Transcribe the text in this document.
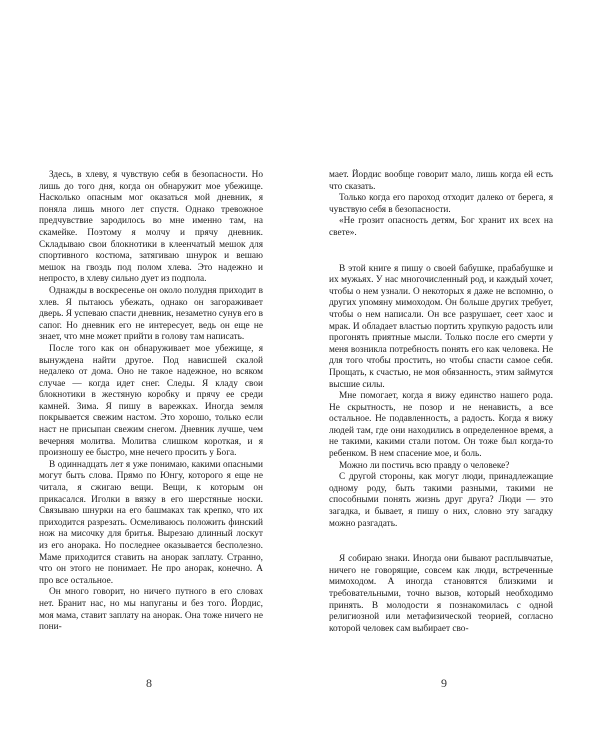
Здесь, в хлеву, я чувствую себя в безопасности. Но лишь до того дня, когда он обнаружит мое убежище. Насколько опасным мог оказаться мой дневник, я поняла лишь много лет спустя. Однако тревожное предчувствие зародилось во мне именно там, на скамейке. Поэтому я молчу и прячу дневник. Складываю свои блокнотики в клеенчатый мешок для спортивного костюма, затягиваю шнурок и вешаю мешок на гвоздь под полом хлева. Это надежно и непросто, в хлеву сильно дует из подпола.

Однажды в воскресенье он около полудня приходит в хлев. Я пытаюсь убежать, однако он загораживает дверь. Я успеваю спасти дневник, незаметно сунув его в сапог. Но дневник его не интересует, ведь он еще не знает, что мне может прийти в голову там написать.

После того как он обнаруживает мое убежище, я вынуждена найти другое. Под нависшей скалой недалеко от дома. Оно не такое надежное, но всяком случае — когда идет снег. Следы. Я кладу свои блокнотики в жестяную коробку и прячу ее среди камней. Зима. Я пишу в варежках. Иногда земля покрывается свежим настом. Это хорошо, только если наст не присыпан свежим снегом. Дневник лучше, чем вечерняя молитва. Молитва слишком короткая, и я произношу ее быстро, мне нечего просить у Бога.

В одиннадцать лет я уже понимаю, какими опасными могут быть слова. Прямо по Юнгу, которого я еще не читала, я сжигаю вещи. Вещи, к которым он прикасался. Иголки в вязку в его шерстяные носки. Связываю шнурки на его башмаках так крепко, что их приходится разрезать. Осмеливаюсь положить финский нож на мисочку для бритья. Вырезаю длинный лоскут из его анорака. Но последнее оказывается бесполезно. Маме приходится ставить на анорак заплату. Странно, что он этого не понимает. Не про анорак, конечно. А про все остальное.

Он много говорит, но ничего путного в его словах нет. Бранит нас, но мы напуганы и без того. Йордис, моя мама, ставит заплату на анорак. Она тоже ничего не пони-

8

мает. Йордис вообще говорит мало, лишь когда ей есть что сказать.

Только когда его пароход отходит далеко от берега, я чувствую себя в безопасности.

«Не грозит опасность детям, Бог хранит их всех на свете».

В этой книге я пишу о своей бабушке, прабабушке и их мужьях. У нас многочисленный род, и каждый хочет, чтобы о нем узнали. О некоторых я даже не вспомню, о других упомяну мимоходом. Он больше других требует, чтобы о нем написали. Он все разрушает, сеет хаос и мрак. И обладает властью портить хрупкую радость или прогонять приятные мысли. Только после его смерти у меня возникла потребность понять его как человека. Не для того чтобы простить, но чтобы спасти самое себя. Прощать, к счастью, не моя обязанность, этим займутся высшие силы.

Мне помогает, когда я вижу единство нашего рода. Не скрытность, не позор и не ненависть, а все остальное. Не подавленность, а радость. Когда я вижу людей там, где они находились в определенное время, а не такими, какими стали потом. Он тоже был когда-то ребенком. В нем спасение мое, и боль.

Можно ли постичь всю правду о человеке?

С другой стороны, как могут люди, принадлежащие одному роду, быть такими разными, такими не способными понять жизнь друг друга? Люди — это загадка, и бывает, я пишу о них, словно эту загадку можно разгадать.

Я собираю знаки. Иногда они бывают расплывчатые, ничего не говорящие, совсем как люди, встреченные мимоходом. А иногда становятся близкими и требовательными, точно вызов, который необходимо принять. В молодости я познакомилась с одной религиозной или метафизической теорией, согласно которой человек сам выбирает сво-

9
